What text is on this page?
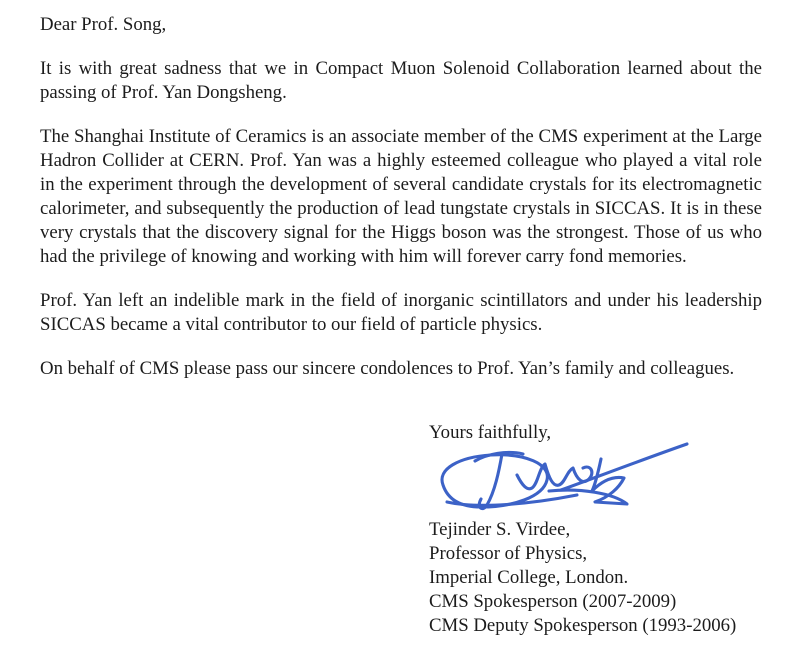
Dear Prof. Song,

It is with great sadness that we in Compact Muon Solenoid Collaboration learned about the passing of Prof. Yan Dongsheng.

The Shanghai Institute of Ceramics is an associate member of the CMS experiment at the Large Hadron Collider at CERN. Prof. Yan was a highly esteemed colleague who played a vital role in the experiment through the development of several candidate crystals for its electromagnetic calorimeter, and subsequently the production of lead tungstate crystals in SICCAS. It is in these very crystals that the discovery signal for the Higgs boson was the strongest. Those of us who had the privilege of knowing and working with him will forever carry fond memories.

Prof. Yan left an indelible mark in the field of inorganic scintillators and under his leadership SICCAS became a vital contributor to our field of particle physics.

On behalf of CMS please pass our sincere condolences to Prof. Yan’s family and colleagues.

Yours faithfully,

Tejinder S. Virdee,

Professor of Physics,

Imperial College, London.

CMS Spokesperson (2007-2009)

CMS Deputy Spokesperson (1993-2006)
